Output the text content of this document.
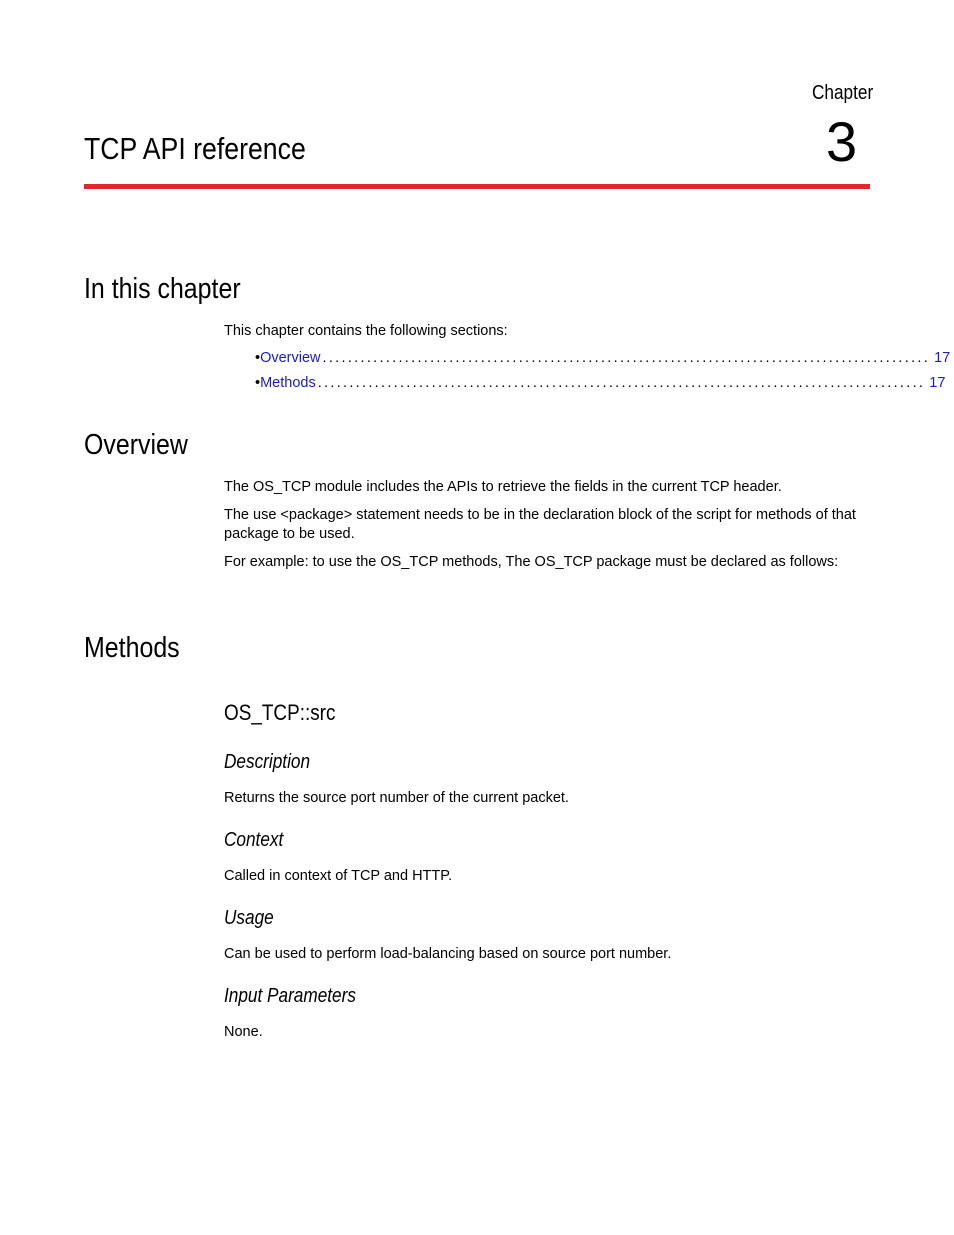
Chapter
3
TCP API reference
In this chapter
This chapter contains the following sections:
• Overview ................................................................................................ 17
• Methods ................................................................................................ 17
Overview
The OS_TCP module includes the APIs to retrieve the fields in the current TCP header.
The use <package> statement needs to be in the declaration block of the script for methods of that package to be used.
For example: to use the OS_TCP methods, The OS_TCP package must be declared as follows:
Methods
OS_TCP::src
Description
Returns the source port number of the current packet.
Context
Called in context of TCP and HTTP.
Usage
Can be used to perform load-balancing based on source port number.
Input Parameters
None.
